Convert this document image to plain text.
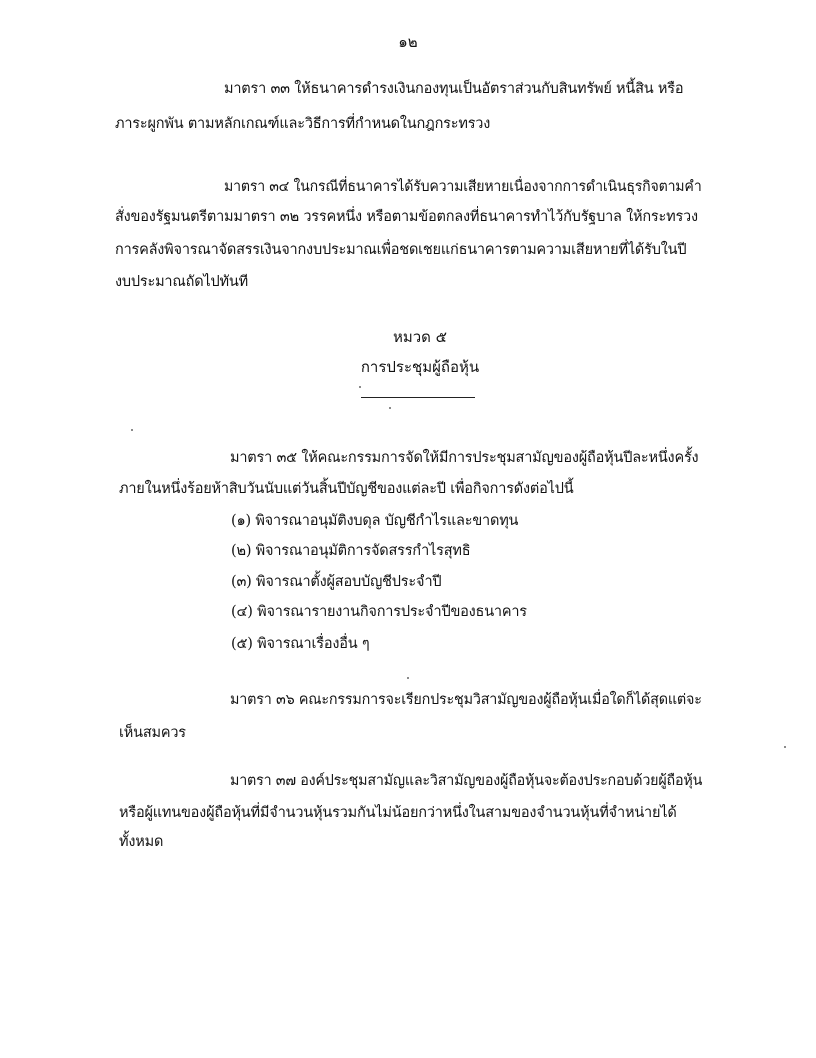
๑๒
มาตรา ๓๓ ให้ธนาคารดำรงเงินกองทุนเป็นอัตราส่วนกับสินทรัพย์ หนี้สิน หรือ
ภาระผูกพัน ตามหลักเกณฑ์และวิธีการที่กำหนดในกฎกระทรวง
มาตรา ๓๔ ในกรณีที่ธนาคารได้รับความเสียหายเนื่องจากการดำเนินธุรกิจตามคำ
สั่งของรัฐมนตรีตามมาตรา ๓๒ วรรคหนึ่ง หรือตามข้อตกลงที่ธนาคารทำไว้กับรัฐบาล ให้กระทรวง
การคลังพิจารณาจัดสรรเงินจากงบประมาณเพื่อชดเชยแก่ธนาคารตามความเสียหายที่ได้รับในปี
งบประมาณถัดไปทันที
หมวด ๕
การประชุมผู้ถือหุ้น
มาตรา ๓๕ ให้คณะกรรมการจัดให้มีการประชุมสามัญของผู้ถือหุ้นปีละหนึ่งครั้ง
ภายในหนึ่งร้อยห้าสิบวันนับแต่วันสิ้นปีบัญชีของแต่ละปี เพื่อกิจการดังต่อไปนี้
(๑) พิจารณาอนุมัติงบดุล บัญชีกำไรและขาดทุน
(๒) พิจารณาอนุมัติการจัดสรรกำไรสุทธิ
(๓) พิจารณาตั้งผู้สอบบัญชีประจำปี
(๔) พิจารณารายงานกิจการประจำปีของธนาคาร
(๕) พิจารณาเรื่องอื่น ๆ
มาตรา ๓๖ คณะกรรมการจะเรียกประชุมวิสามัญของผู้ถือหุ้นเมื่อใดก็ได้สุดแต่จะ
เห็นสมควร
มาตรา ๓๗ องค์ประชุมสามัญและวิสามัญของผู้ถือหุ้นจะต้องประกอบด้วยผู้ถือหุ้น
หรือผู้แทนของผู้ถือหุ้นที่มีจำนวนหุ้นรวมกันไม่น้อยกว่าหนึ่งในสามของจำนวนหุ้นที่จำหน่ายได้
ทั้งหมด
